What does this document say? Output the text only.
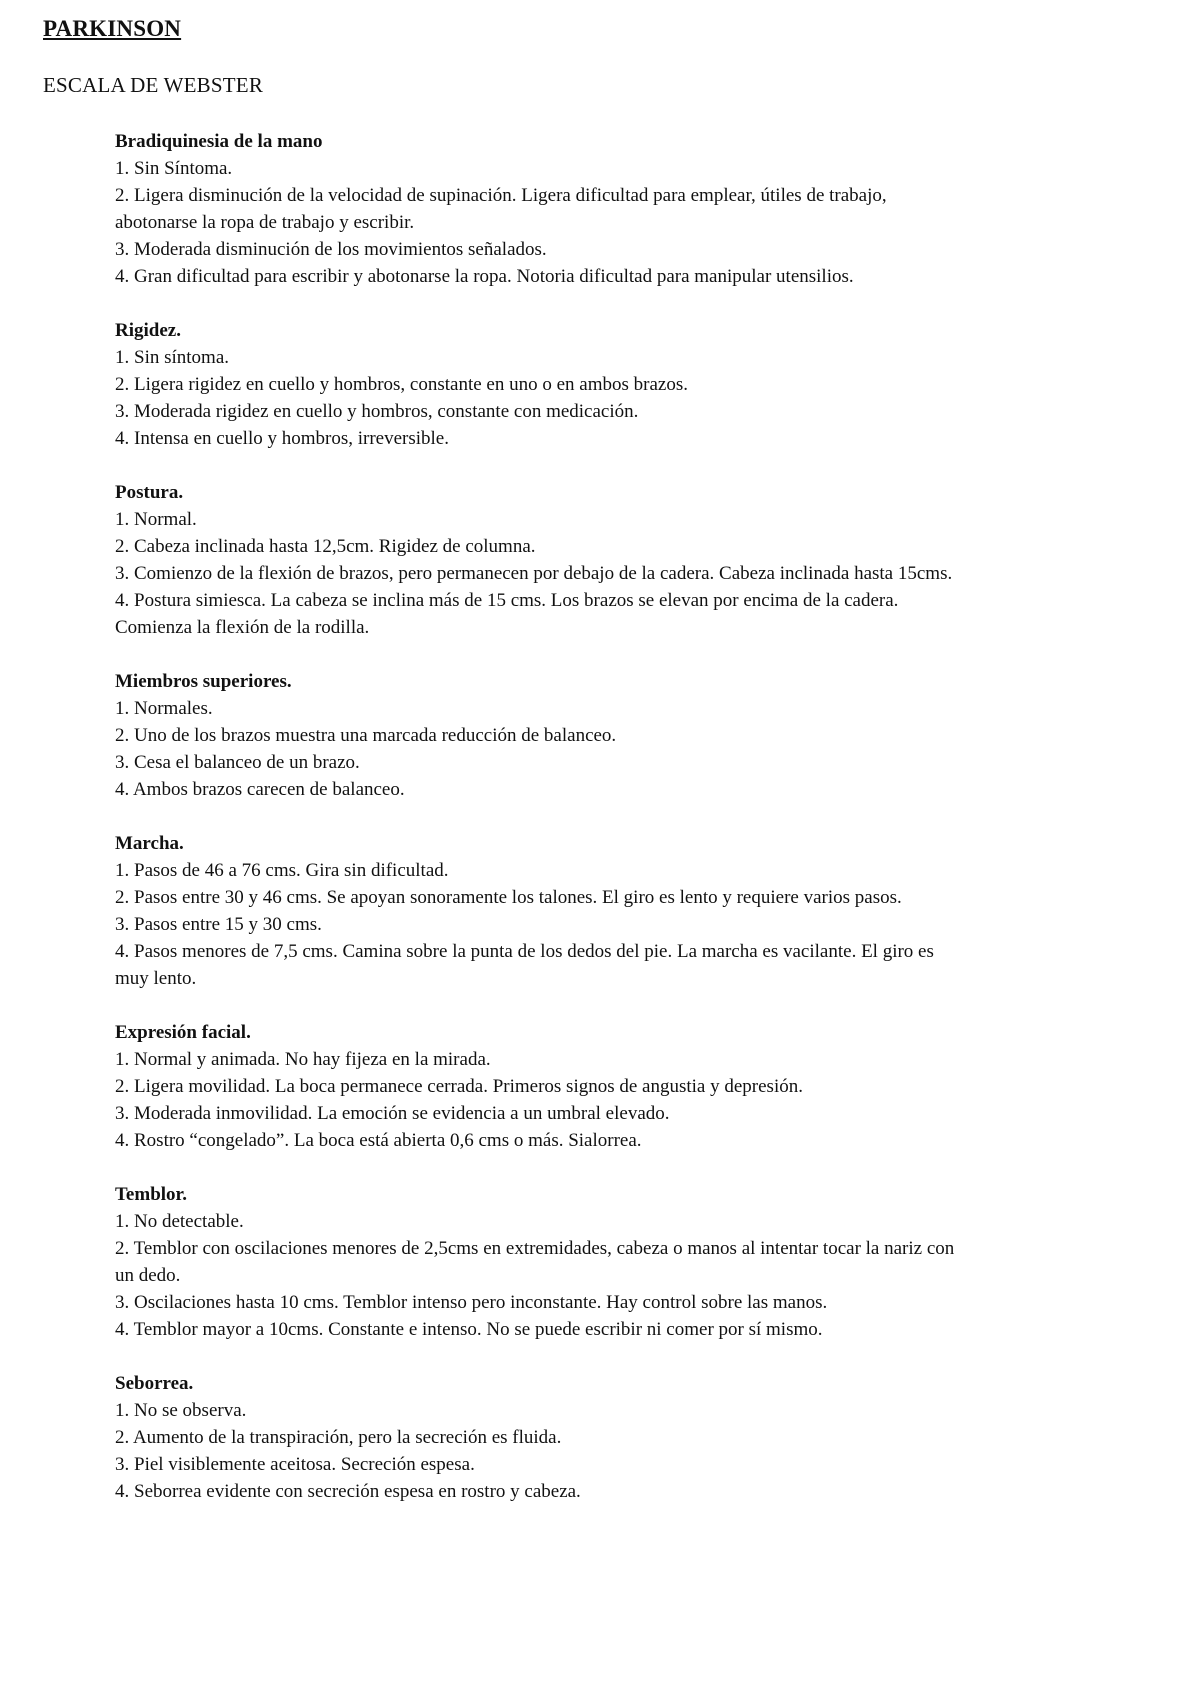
PARKINSON
ESCALA DE WEBSTER

Bradiquinesia de la mano

1. Sin Síntoma.

2. Ligera disminución de la velocidad de supinación. Ligera dificultad para emplear, útiles de trabajo, abotonarse la ropa de trabajo y escribir.

3. Moderada disminución de los movimientos señalados.

4. Gran dificultad para escribir y abotonarse la ropa. Notoria dificultad para manipular utensilios.

Rigidez.

1. Sin síntoma.

2. Ligera rigidez en cuello y hombros, constante en uno o en ambos brazos.

3. Moderada rigidez en cuello y hombros, constante con medicación.

4. Intensa en cuello y hombros, irreversible.

Postura.

1. Normal.

2. Cabeza inclinada hasta 12,5cm. Rigidez de columna.

3. Comienzo de la flexión de brazos, pero permanecen por debajo de la cadera. Cabeza inclinada hasta 15cms.

4. Postura simiesca. La cabeza se inclina más de 15 cms. Los brazos se elevan por encima de la cadera. Comienza la flexión de la rodilla.

Miembros superiores.

1. Normales.

2. Uno de los brazos muestra una marcada reducción de balanceo.

3. Cesa el balanceo de un brazo.

4. Ambos brazos carecen de balanceo.

Marcha.

1. Pasos de 46 a 76 cms. Gira sin dificultad.

2. Pasos entre 30 y 46 cms. Se apoyan sonoramente los talones. El giro es lento y requiere varios pasos.

3. Pasos entre 15 y 30 cms.

4. Pasos menores de 7,5 cms. Camina sobre la punta de los dedos del pie. La marcha es vacilante. El giro es muy lento.

Expresión facial.

1. Normal y animada. No hay fijeza en la mirada.

2. Ligera movilidad. La boca permanece cerrada. Primeros signos de angustia y depresión.

3. Moderada inmovilidad. La emoción se evidencia a un umbral elevado.

4. Rostro “congelado”. La boca está abierta 0,6 cms o más. Sialorrea.

Temblor.

1. No detectable.

2. Temblor con oscilaciones menores de 2,5cms en extremidades, cabeza o manos al intentar tocar la nariz con un dedo.

3. Oscilaciones hasta 10 cms. Temblor intenso pero inconstante. Hay control sobre las manos.

4. Temblor mayor a 10cms. Constante e intenso. No se puede escribir ni comer por sí mismo.

Seborrea.

1. No se observa.

2. Aumento de la transpiración, pero la secreción es fluida.

3. Piel visiblemente aceitosa. Secreción espesa.

4. Seborrea evidente con secreción espesa en rostro y cabeza.
